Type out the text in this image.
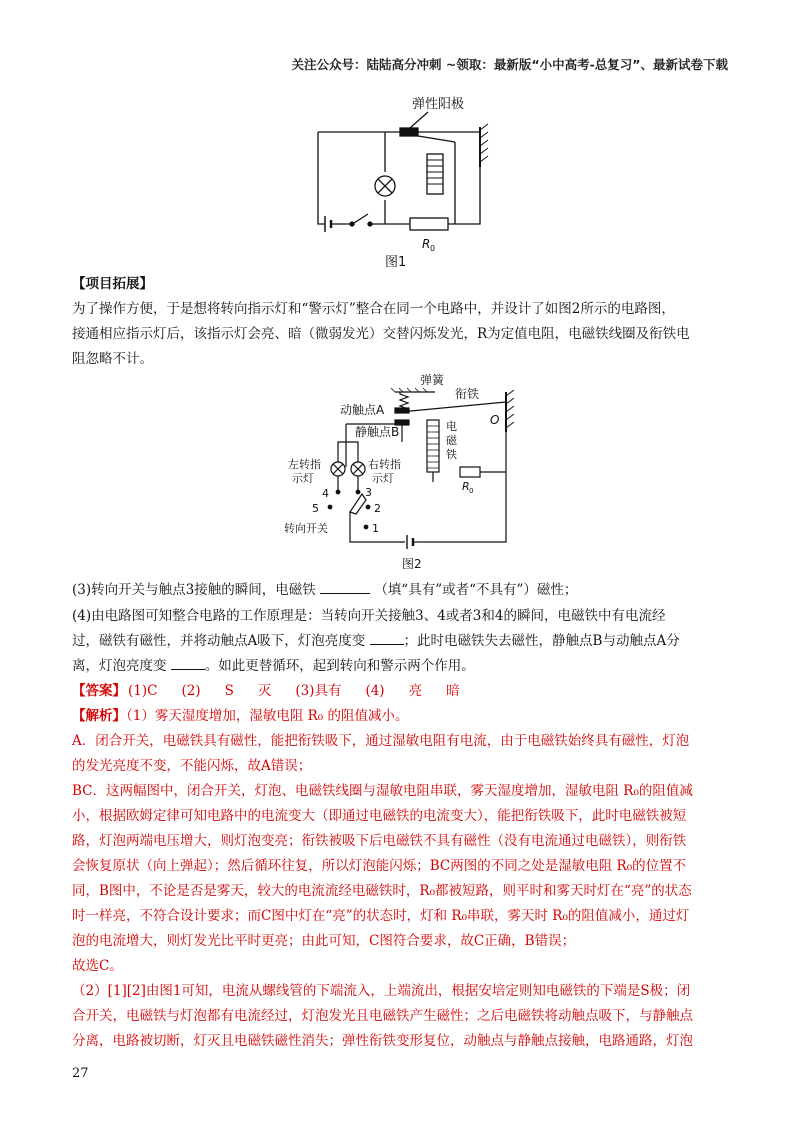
关注公众号：陆陆高分冲刺 ~领取：最新版“小中高考-总复习”、最新试卷下载
弹性阳极
R 0
图1

【项目拓展】

为了操作方便，于是想将转向指示灯和“警示灯”整合在同一个电路中，并设计了如图2所示的电路图，

接通相应指示灯后，该指示灯会亮、暗（微弱发光）交替闪烁发光，R为定值电阻，电磁铁线圈及衔铁电

阻忽略不计。

弹簧
衔铁
O
动触点A
静触点B	电
磁
铁
R 0
左转指
示灯
右转指
示灯
4	3
5	2
1
转向开关
图2

(3)转向开关与触点3接触的瞬间，电磁铁	（填“具有”或者“不具有”）磁性；

(4)由电路图可知整合电路的工作原理是：当转向开关接触3、4或者3和4的瞬间，电磁铁中有电流经

过，磁铁有磁性，并将动触点A吸下，灯泡亮度变	；此时电磁铁失去磁性，静触点B与动触点A分

离，灯泡亮度变	。如此更替循环，起到转向和警示两个作用。

【答案】 (1)C (2) S 灭 (3)具有 (4) 亮 暗

【解析】（1）雾天湿度增加，湿敏电阻 R₀ 的阻值减小。

A．闭合开关，电磁铁具有磁性，能把衔铁吸下，通过湿敏电阻有电流，由于电磁铁始终具有磁性，灯泡

的发光亮度不变，不能闪烁，故A错误；

BC．这两幅图中，闭合开关，灯泡、电磁铁线圈与湿敏电阻串联，雾天湿度增加，湿敏电阻 R₀的阻值减

小，根据欧姆定律可知电路中的电流变大（即通过电磁铁的电流变大），能把衔铁吸下，此时电磁铁被短

路，灯泡两端电压增大，则灯泡变亮；衔铁被吸下后电磁铁不具有磁性（没有电流通过电磁铁），则衔铁

会恢复原状（向上弹起）；然后循环往复，所以灯泡能闪烁；BC两图的不同之处是湿敏电阻 R₀的位置不

同，B图中，不论是否是雾天，较大的电流流经电磁铁时，R₀都被短路，则平时和雾天时灯在“亮”的状态

时一样亮，不符合设计要求；而C图中灯在“亮”的状态时，灯和 R₀串联，雾天时 R₀的阻值减小，通过灯

泡的电流增大，则灯发光比平时更亮；由此可知，C图符合要求，故C正确，B错误；

故选C。

（2）[1][2]由图1可知，电流从螺线管的下端流入，上端流出，根据安培定则知电磁铁的下端是S极；闭

合开关，电磁铁与灯泡都有电流经过，灯泡发光且电磁铁产生磁性；之后电磁铁将动触点吸下，与静触点

分离，电路被切断，灯灭且电磁铁磁性消失；弹性衔铁变形复位，动触点与静触点接触，电路通路，灯泡

27
